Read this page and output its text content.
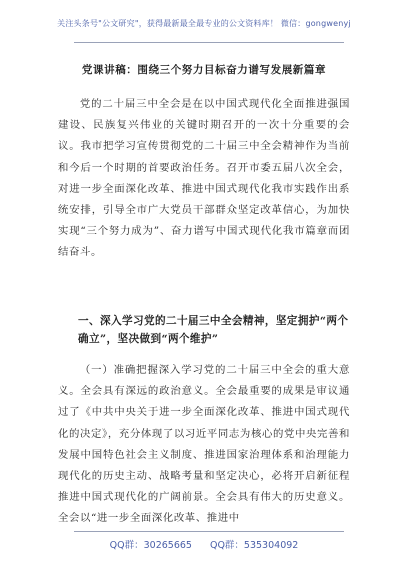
关注头条号"公文研究"，获得最新最全最专业的公文资料库！ 微信：gongwenyj
党课讲稿：围绕三个努力目标奋力谱写发展新篇章
党的二十届三中全会是在以中国式现代化全面推进强国建设、民族复兴伟业的关键时期召开的一次十分重要的会议。我市把学习宣传贯彻党的二十届三中全会精神作为当前和今后一个时期的首要政治任务。召开市委五届八次全会，对进一步全面深化改革、推进中国式现代化我市实践作出系统安排，引导全市广大党员干部群众坚定改革信心，为加快实现“三个努力成为”、奋力谱写中国式现代化我市篇章而团结奋斗。
一、深入学习党的二十届三中全会精神，坚定拥护“两个确立”，坚决做到“两个维护”
（一）准确把握深入学习党的二十届三中全会的重大意义。全会具有深远的政治意义。全会最重要的成果是审议通过了《中共中央关于进一步全面深化改革、推进中国式现代化的决定》，充分体现了以习近平同志为核心的党中央完善和发展中国特色社会主义制度、推进国家治理体系和治理能力现代化的历史主动、战略考量和坚定决心，必将开启新征程推进中国式现代化的广阔前景。全会具有伟大的历史意义。全会以“进一步全面深化改革、推进中
QQ群：30265665 QQ群：535304092
